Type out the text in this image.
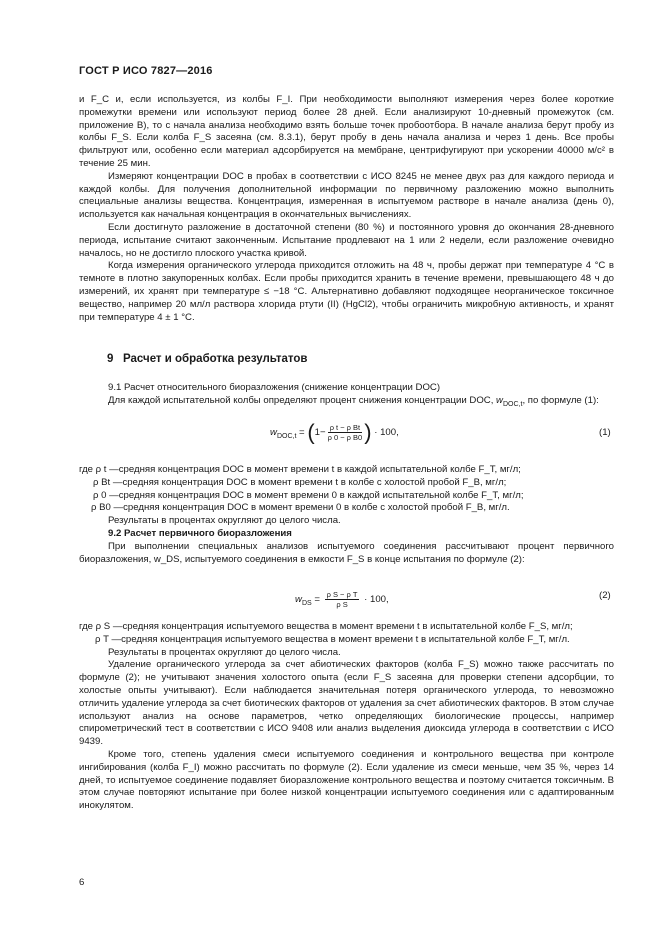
ГОСТ Р ИСО 7827—2016

и F_C и, если используется, из колбы F_I. При необходимости выполняют измерения через более короткие промежутки времени или используют период более 28 дней. Если анализируют 10-дневный промежуток (см. приложение B), то с начала анализа необходимо взять больше точек пробоотбора. В начале анализа берут пробу из колбы F_S. Если колба F_S засеяна (см. 8.3.1), берут пробу в день начала анализа и через 1 день. Все пробы фильтруют или, особенно если материал адсорбируется на мембране, центрифугируют при ускорении 40000 м/с² в течение 25 мин.

Измеряют концентрации DOC в пробах в соответствии с ИСО 8245 не менее двух раз для каждого периода и каждой колбы. Для получения дополнительной информации по первичному разложению можно выполнить специальные анализы вещества. Концентрация, измеренная в испытуемом растворе в начале анализа (день 0), используется как начальная концентрация в окончательных вычислениях.

Если достигнуто разложение в достаточной степени (80 %) и постоянного уровня до окончания 28-дневного периода, испытание считают законченным. Испытание продлевают на 1 или 2 недели, если разложение очевидно началось, но не достигло плоского участка кривой.

Когда измерения органического углерода приходится отложить на 48 ч, пробы держат при температуре 4 °С в темноте в плотно закупоренных колбах. Если пробы приходится хранить в течение времени, превышающего 48 ч до измерений, их хранят при температуре ≤ −18 °С. Альтернативно добавляют подходящее неорганическое токсичное вещество, например 20 мл/л раствора хлорида ртути (II) (HgCl2), чтобы ограничить микробную активность, и хранят при температуре 4 ± 1 °С.

9 Расчет и обработка результатов

9.1 Расчет относительного биоразложения (снижение концентрации DOC)

Для каждой испытательной колбы определяют процент снижения концентрации DOC, $w_{DOC,t}$, по формуле (1):

$w_{DOC,t} = (1- \frac{\text{ρ t − ρ Bt}}{\text{ρ 0 − ρ B0}}$ ) · 100,	(1)
где ρ t — средняя концентрация DOC в момент времени t в каждой испытательной колбе F_T, мг/л;
ρ Bt — средняя концентрация DOC в момент времени t в колбе с холостой пробой F_B, мг/л;
ρ 0 — средняя концентрация DOC в момент времени 0 в каждой испытательной колбе F_T, мг/л;
ρ B0 — средняя концентрация DOC в момент времени 0 в колбе с холостой пробой F_B, мг/л.

Результаты в процентах округляют до целого числа.

9.2 Расчет первичного биоразложения

При выполнении специальных анализов испытуемого соединения рассчитывают процент первичного биоразложения, w_DS, испытуемого соединения в емкости F_S в конце испытания по формуле (2):

$w_{DS} = \frac{\text{ρ S − ρ T}}{\text{ρ S}} \cdot 100$,	(2)
где ρ S — средняя концентрация испытуемого вещества в момент времени t в испытательной колбе F_S, мг/л;
ρ T — средняя концентрация испытуемого вещества в момент времени t в испытательной колбе F_T, мг/л.

Результаты в процентах округляют до целого числа.

Удаление органического углерода за счет абиотических факторов (колба F_S) можно также рассчитать по формуле (2); не учитывают значения холостого опыта (если F_S засеяна для проверки степени адсорбции, то холостые опыты учитывают). Если наблюдается значительная потеря органического углерода, то невозможно отличить удаление углерода за счет биотических факторов от удаления за счет абиотических факторов. В этом случае используют анализ на основе параметров, четко определяющих биологические процессы, например спирометрический тест в соответствии с ИСО 9408 или анализ выделения диоксида углерода в соответствии с ИСО 9439.

Кроме того, степень удаления смеси испытуемого соединения и контрольного вещества при контроле ингибирования (колба F_I) можно рассчитать по формуле (2). Если удаление из смеси меньше, чем 35 %, через 14 дней, то испытуемое соединение подавляет биоразложение контрольного вещества и поэтому считается токсичным. В этом случае повторяют испытание при более низкой концентрации испытуемого соединения или с адаптированным инокулятом.

6
